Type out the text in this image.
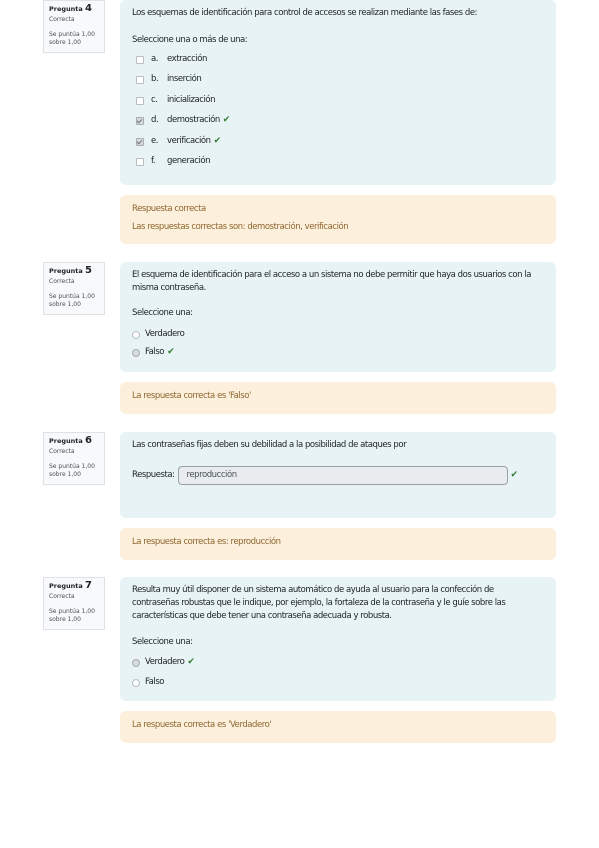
Pregunta 4
Correcta
Se puntúa 1,00 sobre 1,00
Los esquemas de identificación para control de accesos se realizan mediante las fases de:
Seleccione una o más de una:
a.	extracción
b.	inserción
c.	inicialización
d.	demostración ✔
e.	verificación ✔
f.	generación
Respuesta correcta
Las respuestas correctas son: demostración, verificación
Pregunta 5
Correcta
Se puntúa 1,00 sobre 1,00
El esquema de identificación para el acceso a un sistema no debe permitir que haya dos usuarios con la misma contraseña.
Seleccione una:
Verdadero
Falso ✔
La respuesta correcta es 'Falso'
Pregunta 6
Correcta
Se puntúa 1,00 sobre 1,00
Las contraseñas fijas deben su debilidad a la posibilidad de ataques por
Respuesta:	reproducción	✔
La respuesta correcta es: reproducción
Pregunta 7
Correcta
Se puntúa 1,00 sobre 1,00
Resulta muy útil disponer de un sistema automático de ayuda al usuario para la confección de contraseñas robustas que le indique, por ejemplo, la fortaleza de la contraseña y le guíe sobre las características que debe tener una contraseña adecuada y robusta.
Seleccione una:
Verdadero ✔
Falso
La respuesta correcta es 'Verdadero'
